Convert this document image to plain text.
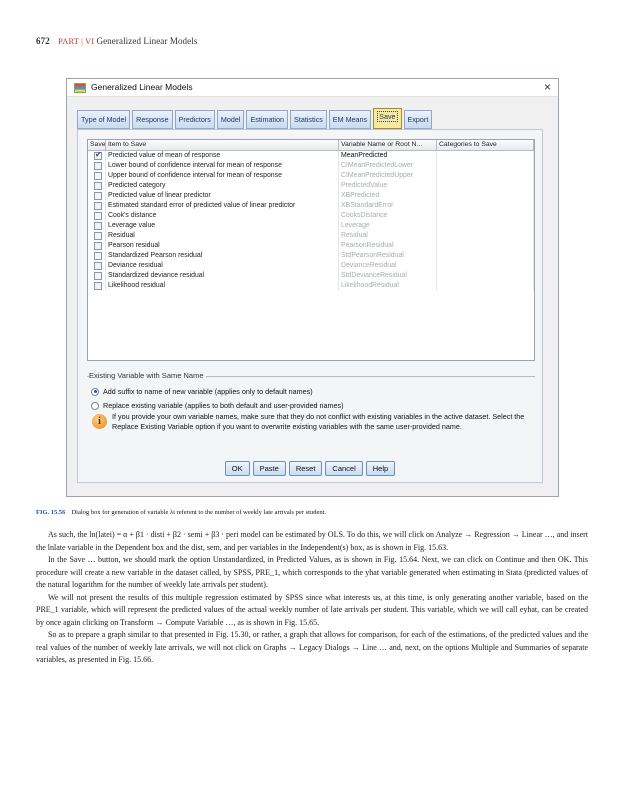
672 PART | VI Generalized Linear Models
Generalized Linear Models	×
Type of Model	Response	Predictors	Model	Estimation	Statistics	EM Means	Save	Export
Save Item to Save	Variable Name or Root N...	Categories to Save
✔
Predicted value of mean of response	MeanPredicted
Lower bound of confidence interval for mean of response	CIMeanPredictedLower
Upper bound of confidence interval for mean of response	CIMeanPredictedUpper
Predicted category	PredictedValue
Predicted value of linear predictor	XBPredicted
Estimated standard error of predicted value of linear predictor	XBStandardError
Cook's distance	CooksDistance
Leverage value	Leverage
Residual	Residual
Pearson residual	PearsonResidual
Standardized Pearson residual	StdPearsonResidual
Deviance residual	DevianceResidual
Standardized deviance residual	StdDevianceResidual
Likelihood residual	LikelihoodResidual
Existing Variable with Same Name
Add suffix to name of new variable (applies only to default names)
Replace existing variable (applies to both default and user-provided names)
i	If you provide your own variable names, make sure that they do not conflict with existing variables in the active dataset. Select the Replace Existing Variable option if you want to overwrite existing variables with the same user-provided name.
OK	Paste	Reset	Cancel	Help
FIG. 15.56 Dialog box for generation of variable λi referent to the number of weekly late arrivals per student.

As such, the ln(latei) = α + β1 · disti + β2 · semi + β3 · peri model can be estimated by OLS. To do this, we will click on Analyze → Regression → Linear …, and insert the lnlate variable in the Dependent box and the dist, sem, and per variables in the Independent(s) box, as is shown in Fig. 15.63.

In the Save … button, we should mark the option Unstandardized, in Predicted Values, as is shown in Fig. 15.64. Next, we can click on Continue and then OK. This procedure will create a new variable in the dataset called, by SPSS, PRE_1, which corresponds to the yhat variable generated when estimating in Stata (predicted values of the natural logarithm for the number of weekly late arrivals per student).

We will not present the results of this multiple regression estimated by SPSS since what interests us, at this time, is only generating another variable, based on the PRE_1 variable, which will represent the predicted values of the actual weekly number of late arrivals per student. This variable, which we will call eyhat, can be created by once again clicking on Transform → Compute Variable …, as is shown in Fig. 15.65.

So as to prepare a graph similar to that presented in Fig. 15.30, or rather, a graph that allows for comparison, for each of the estimations, of the predicted values and the real values of the number of weekly late arrivals, we will not click on Graphs → Legacy Dialogs → Line … and, next, on the options Multiple and Summaries of separate variables, as presented in Fig. 15.66.
